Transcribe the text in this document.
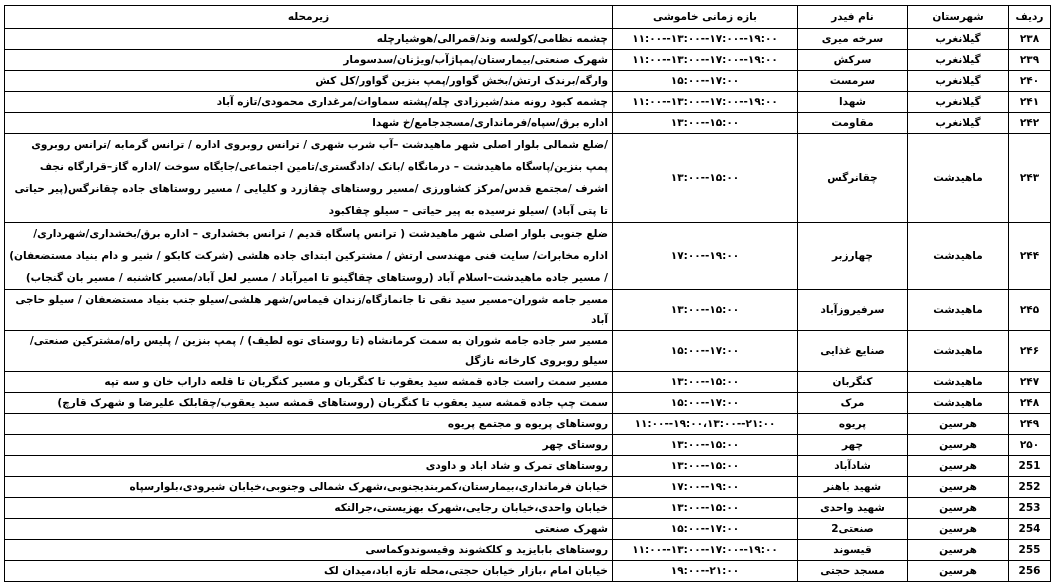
ردیف	شهرستان	نام فیدر	بازه زمانی خاموشی	زیرمحله
۲۳۸	گیلانغرب	سرخه میری	۱۹:۰۰--۱۷:۰۰--۱۳:۰۰--۱۱:۰۰	چشمه نظامی/کولسه وند/قمرالی/هوشیارچله
۲۳۹	گیلانغرب	سرکش	۱۹:۰۰--۱۷:۰۰--۱۳:۰۰--۱۱:۰۰	شهرک صنعتی/بیمارستان/پمپاژآب/ویژنان/سدسومار
۲۴۰	گیلانغرب	سرمست	۱۷:۰۰--۱۵:۰۰	وارگه/برندک ارتش/بخش گواور/پمپ بنزین گواور/کل کش
۲۴۱	گیلانغرب	شهدا	۱۹:۰۰--۱۷:۰۰--۱۳:۰۰--۱۱:۰۰	چشمه کبود رونه مند/شیرزادی چله/پشته سماوات/مرغداری محمودی/تازه آباد
۲۴۲	گیلانغرب	مقاومت	۱۵:۰۰--۱۳:۰۰	اداره برق/سپاه/فرمانداری/مسجدجامع/خ شهدا
۲۴۳	ماهیدشت	چقانرگس	۱۵:۰۰--۱۳:۰۰	/ضلع شمالی بلوار اصلی شهر ماهیدشت –آب شرب شهری / ترانس روبروی اداره / ترانس گرمابه /ترانس روبروی پمپ بنزین/پاسگاه ماهیدشت – درمانگاه /بانک /دادگستری/تامین اجتماعی/جایگاه سوخت /اداره گاز–قرارگاه نجف اشرف /مجتمع قدس/مرکز کشاورزی /مسیر روستاهای چقازرد و کلیایی / مسیر روستاهای جاده چقانرگس(پیر حیاتی تا پتی آباد) /سیلو نرسیده به پیر حیاتی – سیلو چقاکبود
۲۴۴	ماهیدشت	چهارزبر	۱۹:۰۰--۱۷:۰۰	ضلع جنوبی بلوار اصلی شهر ماهیدشت ( ترانس پاسگاه قدیم / ترانس بخشداری – اداره برق/بخشداری/شهرداری/اداره مخابرات/ سایت فنی مهندسی ارتش / مشترکین ابتدای جاده هلشی (شرکت کابکو / شیر و دام بنیاد مستضعفان) / مسیر جاده ماهیدشت–اسلام آباد (روستاهای چقاگینو تا امیرآباد / مسیر لعل آباد/مسیر کاشنبه / مسیر بان گنجاب)
۲۴۵	ماهیدشت	سرفیروزآباد	۱۵:۰۰--۱۳:۰۰	مسیر جامه شوران–مسیر سید نقی تا جانمازگاه/زندان قیماس/شهر هلشی/سیلو جنب بنیاد مستضعفان / سیلو حاجی آباد
۲۴۶	ماهیدشت	صنایع غذایی	۱۷:۰۰--۱۵:۰۰	مسیر سر جاده جامه شوران به سمت کرمانشاه (تا روستای توه لطیف) / پمپ بنزین / پلیس راه/مشترکین صنعتی/سیلو روبروی کارخانه نازگل
۲۴۷	ماهیدشت	کنگربان	۱۵:۰۰--۱۳:۰۰	مسیر سمت راست جاده قمشه سید یعقوب تا کنگربان و مسیر کنگربان تا قلعه داراب خان و سه تپه
۲۴۸	ماهیدشت	مرک	۱۷:۰۰--۱۵:۰۰	سمت چپ جاده قمشه سید یعقوب تا کنگربان (روستاهای قمشه سید یعقوب/چقابلک علیرضا و شهرک قارچ)
۲۴۹	هرسین	پریوه	۲۱:۰۰--۱۹:۰۰،۱۳:۰۰--۱۱:۰۰	روستاهای پریوه و مجتمع پریوه
۲۵۰	هرسین	چهر	۱۵:۰۰--۱۳:۰۰	روستای چهر
251	هرسین	شادآباد	۱۵:۰۰--۱۳:۰۰	روستاهای تمرک و شاد اباد و داودی
252	هرسین	شهید باهنر	۱۹:۰۰--۱۷:۰۰	خیابان فرمانداری،بیمارستان،کمربندیجنوبی،شهرک شمالی وجنوبی،خیابان شیرودی،بلوارسپاه
253	هرسین	شهید واحدی	۱۵:۰۰--۱۳:۰۰	خیابان واحدی،خیابان رجایی،شهرک بهزیستی،جرالتکه
254	هرسین	صنعتی2	۱۷:۰۰--۱۵:۰۰	شهرک صنعتی
255	هرسین	قیسوند	۱۹:۰۰--۱۷:۰۰--۱۳:۰۰--۱۱:۰۰	روستاهای بابایزید و کلکشوند وقیسوندوکماسی
256	هرسین	مسجد حجتی	۲۱:۰۰--۱۹:۰۰	خیابان امام ،بازار خیابان حجتی،محله تازه اباد،میدان لک
